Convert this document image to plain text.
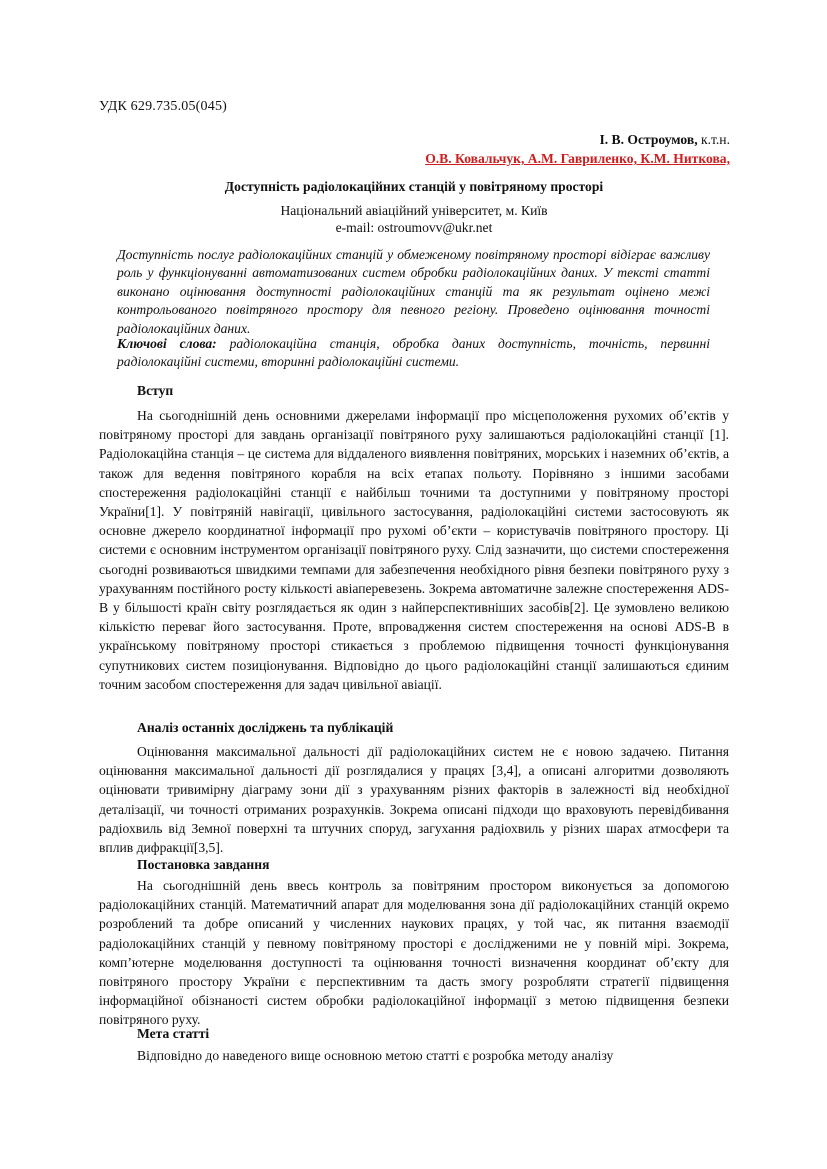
УДК 629.735.05(045)
І. В. Остроумов, к.т.н.
О.В. Ковальчук, А.М. Гавриленко, К.М. Ниткова,
Доступність радіолокаційних станцій у повітряному просторі
Національний авіаційний університет, м. Київ
e-mail: ostroumovv@ukr.net
Доступність послуг радіолокаційних станцій у обмеженому повітряному просторі відіграє важливу роль у функціонуванні автоматизованих систем обробки радіолокаційних даних. У тексті статті виконано оцінювання доступності радіолокаційних станцій та як результат оцінено межі контрольованого повітряного простору для певного регіону. Проведено оцінювання точності радіолокаційних даних.
Ключові слова: радіолокаційна станція, обробка даних доступність, точність, первинні радіолокаційні системи, вторинні радіолокаційні системи.
Вступ

На сьогоднішній день основними джерелами інформації про місцеположення рухомих об’єктів у повітряному просторі для завдань організації повітряного руху залишаються радіолокаційні станції [1]. Радіолокаційна станція – це система для віддаленого виявлення повітряних, морських і наземних об’єктів, а також для ведення повітряного корабля на всіх етапах польоту. Порівняно з іншими засобами спостереження радіолокаційні станції є найбільш точними та доступними у повітряному просторі України[1]. У повітряній навігації, цивільного застосування, радіолокаційні системи застосовують як основне джерело координатної інформації про рухомі об’єкти – користувачів повітряного простору. Ці системи є основним інструментом організації повітряного руху. Слід зазначити, що системи спостереження сьогодні розвиваються швидкими темпами для забезпечення необхідного рівня безпеки повітряного руху з урахуванням постійного росту кількості авіаперевезень. Зокрема автоматичне залежне спостереження ADS-B у більшості країн світу розглядається як один з найперспективніших засобів[2]. Це зумовлено великою кількістю переваг його застосування. Проте, впровадження систем спостереження на основі ADS-B в українському повітряному просторі стикається з проблемою підвищення точності функціонування супутникових систем позиціонування. Відповідно до цього радіолокаційні станції залишаються єдиним точним засобом спостереження для задач цивільної авіації.

Аналіз останніх досліджень та публікацій

Оцінювання максимальної дальності дії радіолокаційних систем не є новою задачею. Питання оцінювання максимальної дальності дії розглядалися у працях [3,4], а описані алгоритми дозволяють оцінювати тривимірну діаграму зони дії з урахуванням різних факторів в залежності від необхідної деталізації, чи точності отриманих розрахунків. Зокрема описані підходи що враховують перевідбивання радіохвиль від Земної поверхні та штучних споруд, загухання радіохвиль у різних шарах атмосфери та вплив дифракції[3,5].

Постановка завдання

На сьогоднішній день ввесь контроль за повітряним простором виконується за допомогою радіолокаційних станцій. Математичний апарат для моделювання зона дії радіолокаційних станцій окремо розроблений та добре описаний у численних наукових працях, у той час, як питання взаємодії радіолокаційних станцій у певному повітряному просторі є дослідженими не у повній мірі. Зокрема, комп’ютерне моделювання доступності та оцінювання точності визначення координат об’єкту для повітряного простору України є перспективним та дасть змогу розробляти стратегії підвищення інформаційної обізнаності систем обробки радіолокаційної інформації з метою підвищення безпеки повітряного руху.

Мета статті

Відповідно до наведеного вище основною метою статті є розробка методу аналізу
